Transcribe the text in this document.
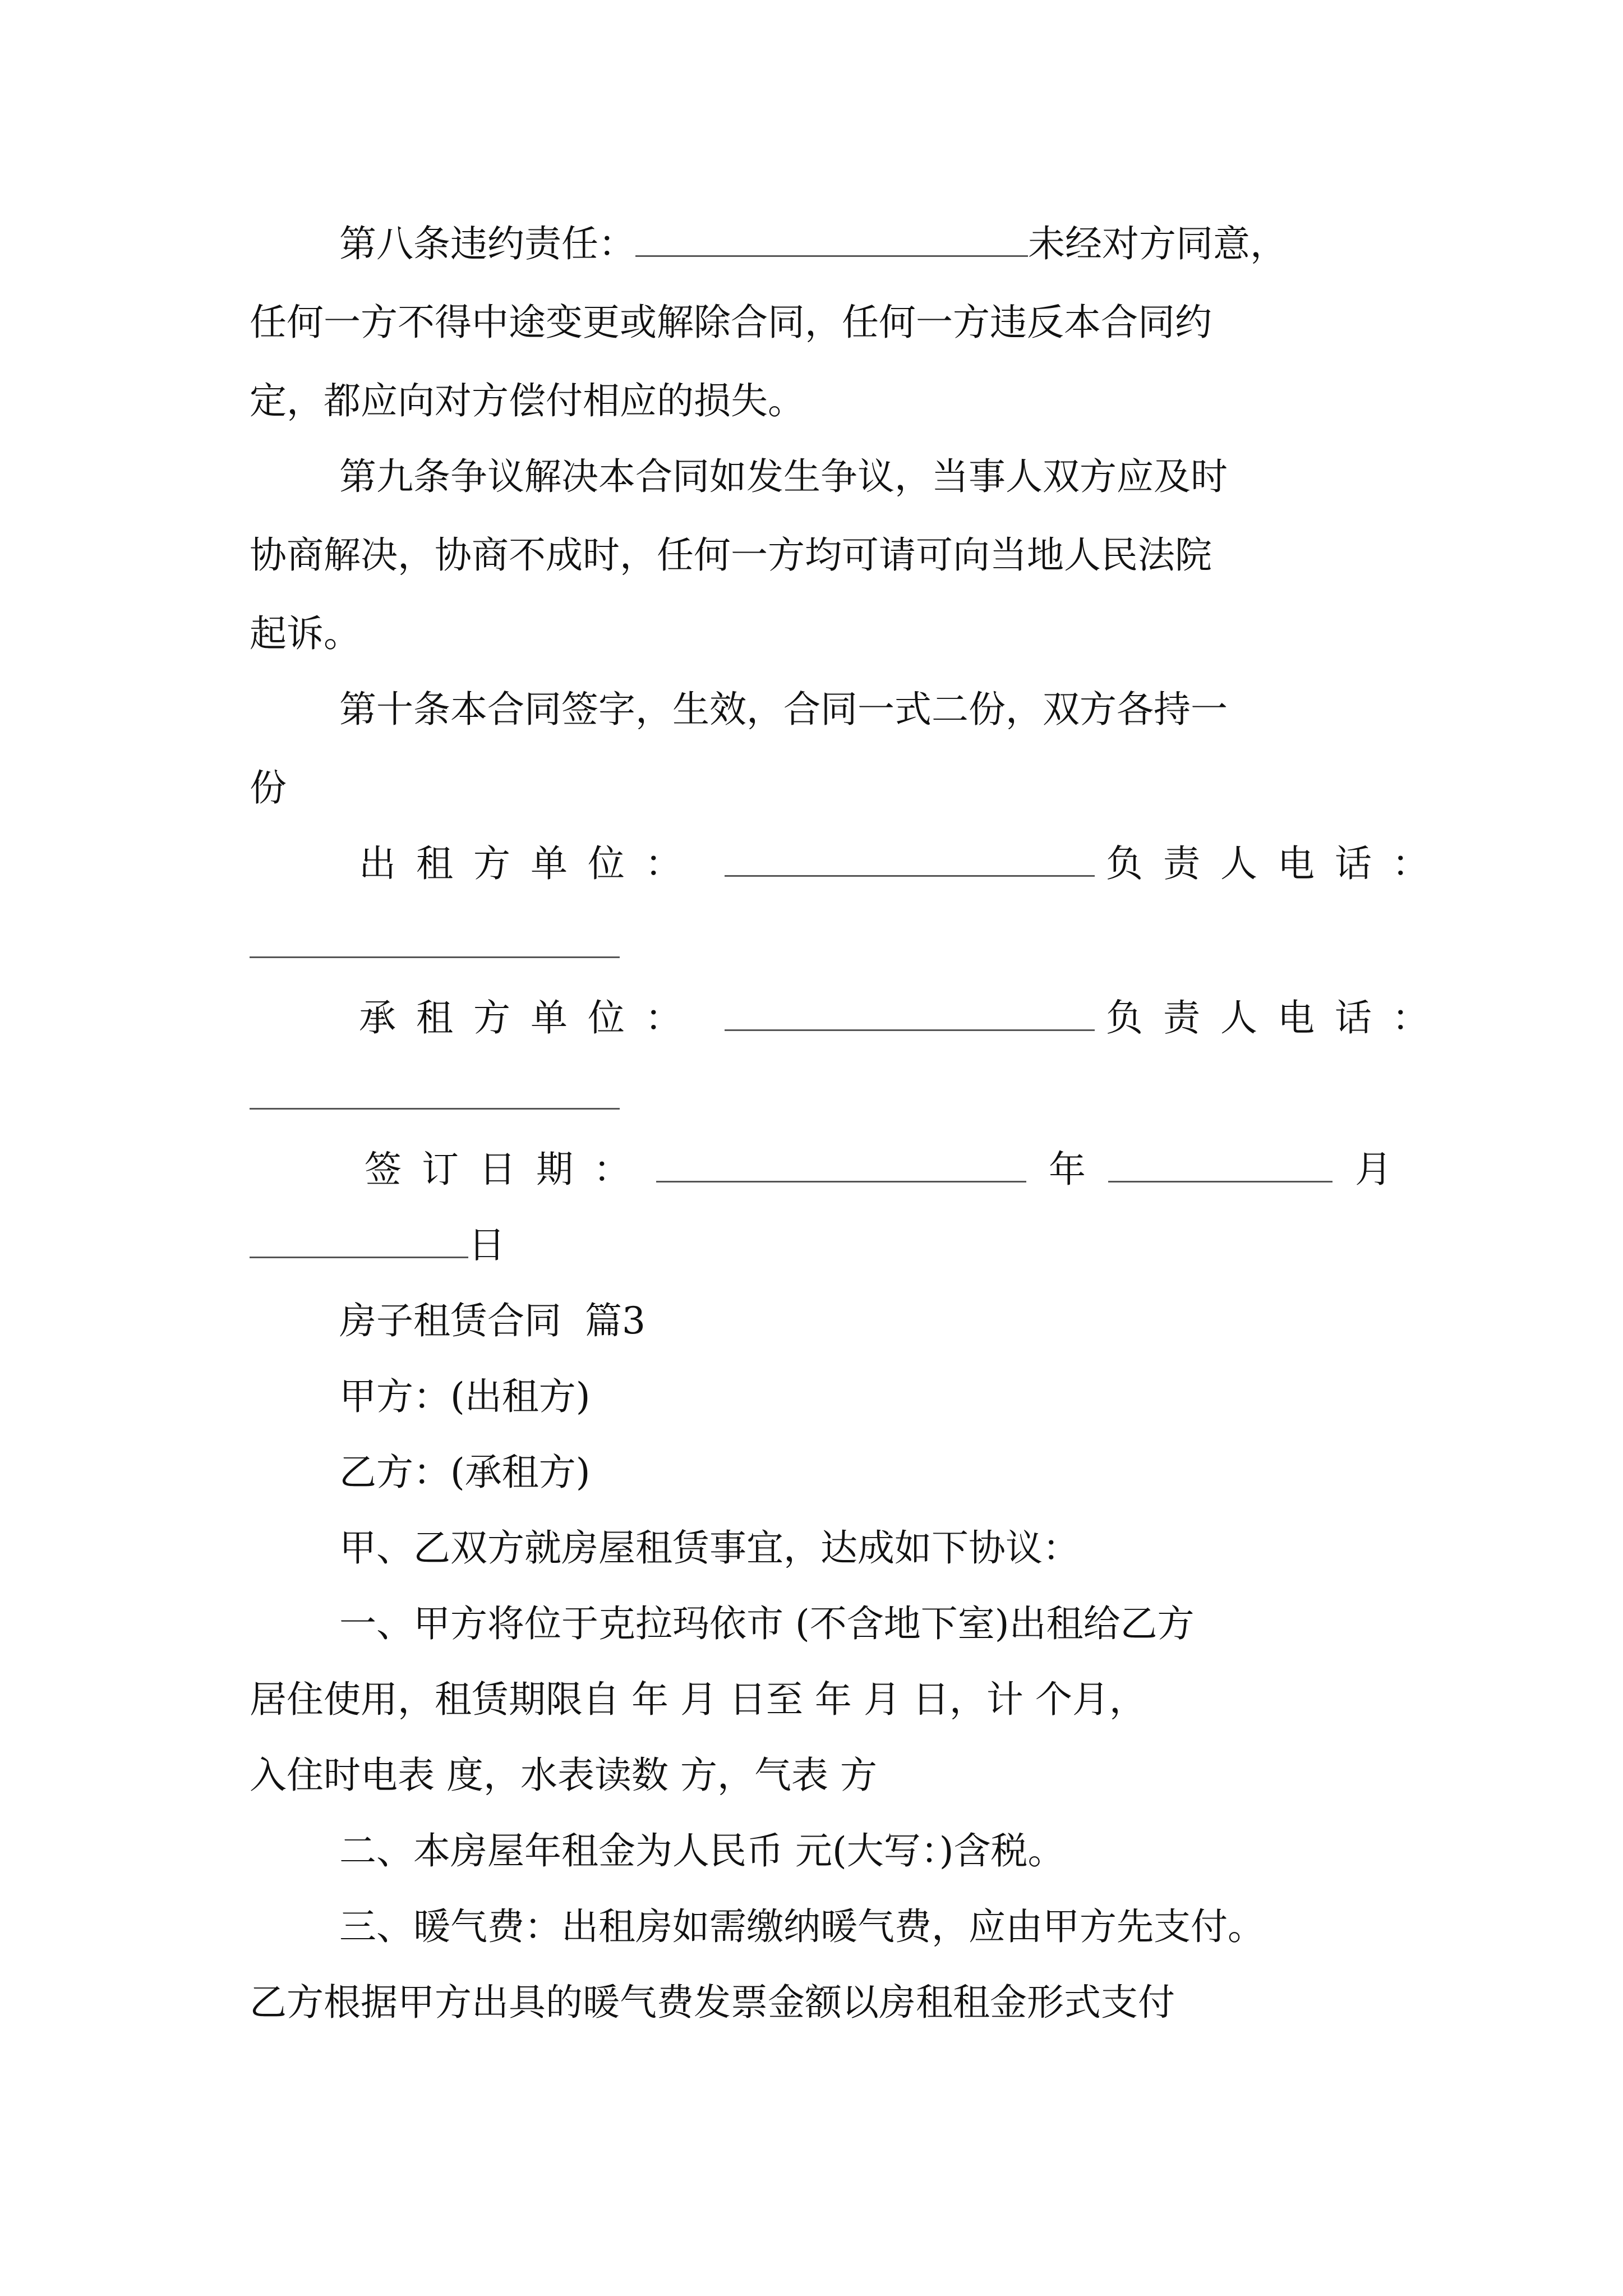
第八条违约责任：	未经对方同意，
任何一方不得中途变更或解除合同，任何一方违反本合同约
定，都应向对方偿付相应的损失。
第九条争议解决本合同如发生争议，当事人双方应及时
协商解决，协商不成时，任何一方均可请可向当地人民法院
起诉。
第十条本合同签字，生效，合同一式二份，双方各持一
份
出租方单位：	负责人电话：
承租方单位：	负责人电话：
签订日期：	年	月
日
房子租赁合同  篇3
甲方：(出租方)
乙方：(承租方)
甲、乙双方就房屋租赁事宜，达成如下协议：
一、甲方将位于克拉玛依市 (不含地下室)出租给乙方
居住使用，租赁期限自 年 月 日至 年 月 日，计 个月，
入住时电表 度，水表读数 方，气表 方
二、本房屋年租金为人民币 元(大写：)含税。
三、暖气费：出租房如需缴纳暖气费，应由甲方先支付。
乙方根据甲方出具的暖气费发票金额以房租租金形式支付
